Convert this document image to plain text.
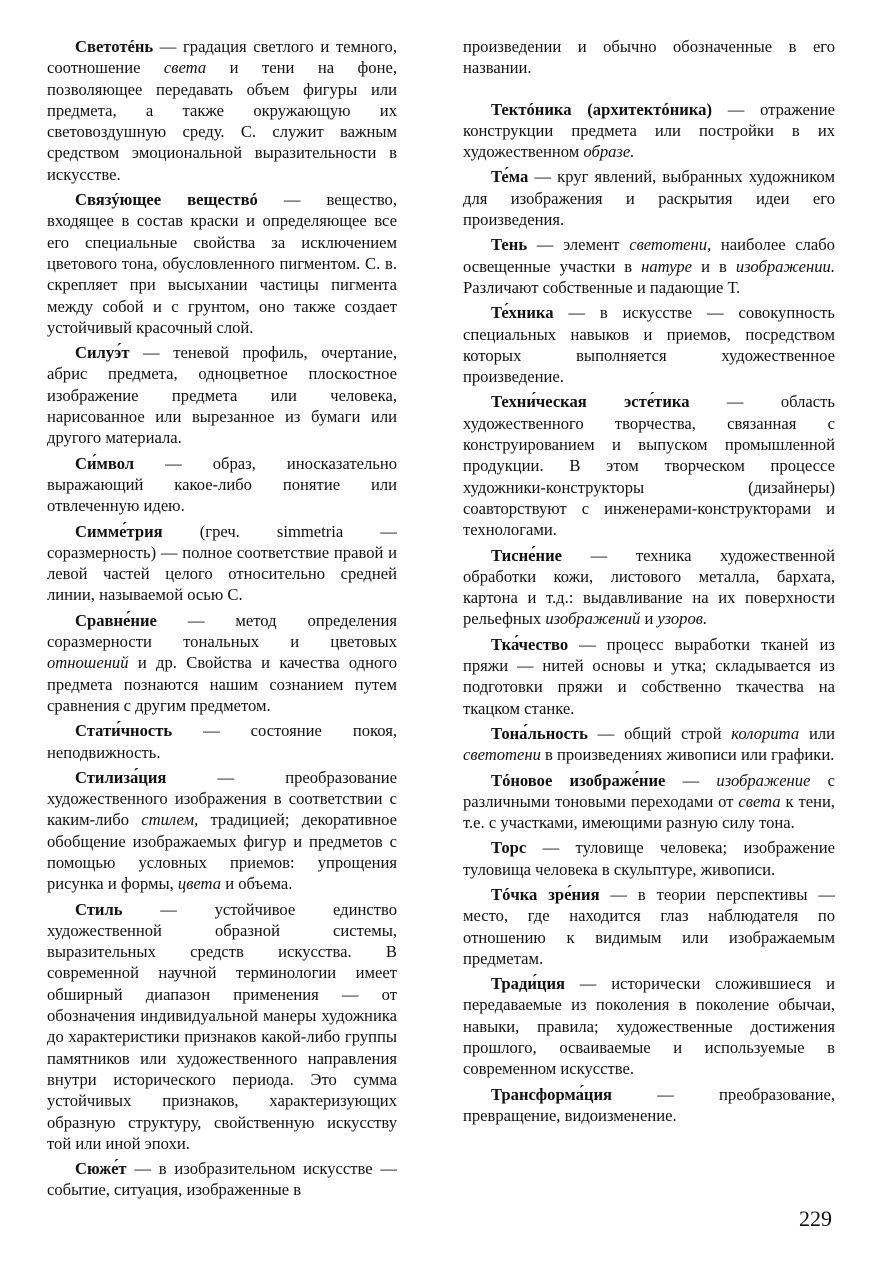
Светотéнь — градация светлого и темного, соотношение света и тени на фоне, позволяющее передавать объем фигуры или предмета, а также окружающую их световоздушную среду. С. служит важным средством эмоциональной выразительности в искусстве.

Связýющее веществó — вещество, входящее в состав краски и определяющее все его специальные свойства за исключением цветового тона, обусловленного пигментом. С. в. скрепляет при высыхании частицы пигмента между собой и с грунтом, оно также создает устойчивый красочный слой.

Силуэ́т — теневой профиль, очертание, абрис предмета, одноцветное плоскостное изображение предмета или человека, нарисованное или вырезанное из бумаги или другого материала.

Си́мвол — образ, иносказательно выражающий какое-либо понятие или отвлеченную идею.

Симме́трия (греч. simmetria — соразмерность) — полное соответствие правой и левой частей целого относительно средней линии, называемой осью С.

Сравне́ние — метод определения соразмерности тональных и цветовых отношений и др. Свойства и качества одного предмета познаются нашим сознанием путем сравнения с другим предметом.

Стати́чность — состояние покоя, неподвижность.

Стилиза́ция — преобразование художественного изображения в соответствии с каким-либо стилем, традицией; декоративное обобщение изображаемых фигур и предметов с помощью условных приемов: упрощения рисунка и формы, цвета и объема.

Стиль — устойчивое единство художественной образной системы, выразительных средств искусства. В современной научной терминологии имеет обширный диапазон применения — от обозначения индивидуальной манеры художника до характеристики признаков какой-либо группы памятников или художественного направления внутри исторического периода. Это сумма устойчивых признаков, характеризующих образную структуру, свойственную искусству той или иной эпохи.

Сюже́т — в изобразительном искусстве — событие, ситуация, изображенные в

произведении и обычно обозначенные в его названии.

Тектóника (архитектóника) — отражение конструкции предмета или постройки в их художественном образе.

Те́ма — круг явлений, выбранных художником для изображения и раскрытия идеи его произведения.

Тень — элемент светотени, наиболее слабо освещенные участки в натуре и в изображении. Различают собственные и падающие Т.

Те́хника — в искусстве — совокупность специальных навыков и приемов, посредством которых выполняется художественное произведение.

Техни́ческая эсте́тика — область художественного творчества, связанная с конструированием и выпуском промышленной продукции. В этом творческом процессе художники-конструкторы (дизайнеры) соавторствуют с инженерами-конструкторами и технологами.

Тисне́ние — техника художественной обработки кожи, листового металла, бархата, картона и т.д.: выдавливание на их поверхности рельефных изображений и узоров.

Тка́чество — процесс выработки тканей из пряжи — нитей основы и утка; складывается из подготовки пряжи и собственно ткачества на ткацком станке.

Тона́льность — общий строй колорита или светотени в произведениях живописи или графики.

Тóновое изображе́ние — изображение с различными тоновыми переходами от света к тени, т.е. с участками, имеющими разную силу тона.

Торс — туловище человека; изображение туловища человека в скульптуре, живописи.

Тóчка зре́ния — в теории перспективы — место, где находится глаз наблюдателя по отношению к видимым или изображаемым предметам.

Тради́ция — исторически сложившиеся и передаваемые из поколения в поколение обычаи, навыки, правила; художественные достижения прошлого, осваиваемые и используемые в современном искусстве.

Трансформа́ция — преобразование, превращение, видоизменение.

229
